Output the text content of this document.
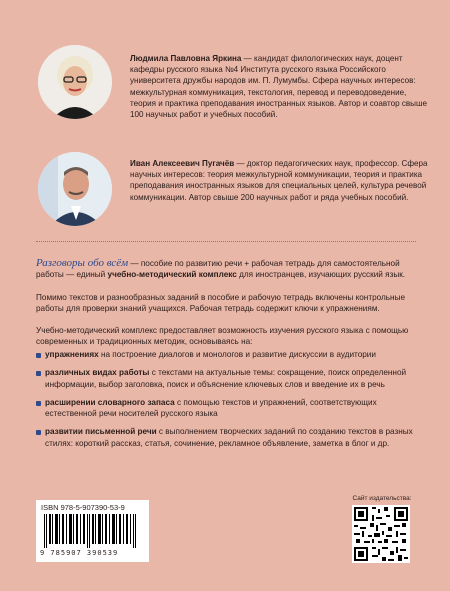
Людмила Павловна Яркина — кандидат филологических наук, доцент кафедры русского языка №4 Института русского языка Российского университета дружбы народов им. П. Лумумбы. Сфера научных интересов: межкультурная коммуникация, текстология, перевод и переводоведение, теория и практика преподавания иностранных языков. Автор и соавтор свыше 100 научных работ и учебных пособий.
Иван Алексеевич Пугачёв — доктор педагогических наук, профессор. Сфера научных интересов: теория межкультурной коммуникации, теория и практика преподавания иностранных языков для специальных целей, культура речевой коммуникации. Автор свыше 200 научных работ и ряда учебных пособий.
Разговоры обо всём — пособие по развитию речи + рабочая тетрадь для самостоятельной работы — единый учебно-методический комплекс для иностранцев, изучающих русский язык.
Помимо текстов и разнообразных заданий в пособие и рабочую тетрадь включены контрольные работы для проверки знаний учащихся. Рабочая тетрадь содержит ключи к упражнениям.
Учебно-методический комплекс предоставляет возможность изучения русского языка с помощью современных и традиционных методик, основываясь на:
упражнениях на построение диалогов и монологов и развитие дискуссии в аудитории
различных видах работы с текстами на актуальные темы: сокращение, поиск определенной информации, выбор заголовка, поиск и объяснение ключевых слов и введение их в речь
расширении словарного запаса с помощью текстов и упражнений, соответствующих естественной речи носителей русского языка
развитии письменной речи с выполнением творческих заданий по созданию текстов в разных стилях: короткий рассказ, статья, сочинение, рекламное объявление, заметка в блог и др.
ISBN 978-5-907390-53-9
9 785907 390539
Сайт издательства:
